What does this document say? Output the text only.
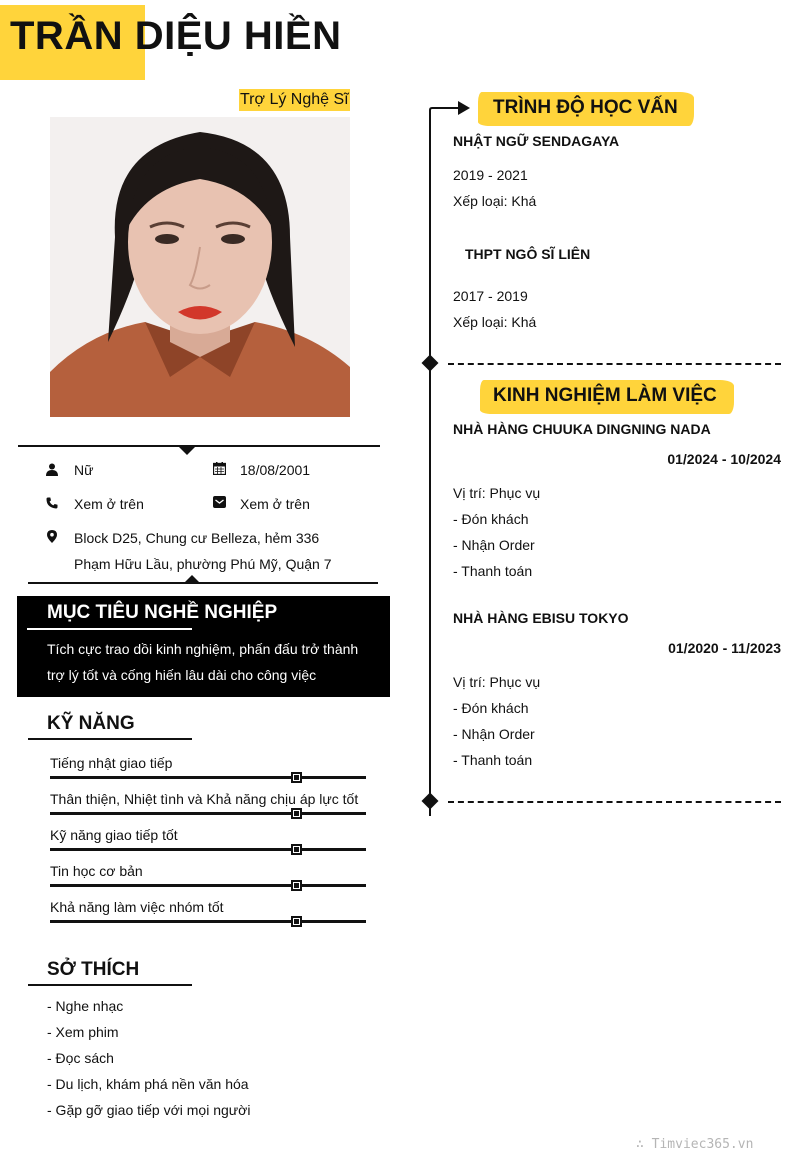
TRẦN DIỆU HIỀN
Trợ Lý Nghệ Sĩ
Nữ	18/08/2001
Xem ở trên	Xem ở trên
Block D25, Chung cư Belleza, hẻm 336
Phạm Hữu Lầu, phường Phú Mỹ, Quận 7
MỤC TIÊU NGHỀ NGHIỆP
Tích cực trao dồi kinh nghiệm, phấn đấu trở thành
trợ lý tốt và cống hiến lâu dài cho công việc
KỸ NĂNG
Tiếng nhật giao tiếp
Thân thiện, Nhiệt tình và Khả năng chịu áp lực tốt
Kỹ năng giao tiếp tốt
Tin học cơ bản
Khả năng làm việc nhóm tốt
SỞ THÍCH
- Nghe nhạc
- Xem phim
- Đọc sách
- Du lịch, khám phá nền văn hóa
- Gặp gỡ giao tiếp với mọi người
TRÌNH ĐỘ HỌC VẤN
NHẬT NGỮ SENDAGAYA
2019 - 2021
Xếp loại: Khá
THPT NGÔ SĨ LIÊN
2017 - 2019
Xếp loại: Khá
KINH NGHIỆM LÀM VIỆC
NHÀ HÀNG CHUUKA DINGNING NADA
01/2024 - 10/2024
Vị trí: Phục vụ
- Đón khách
- Nhận Order
- Thanh toán
NHÀ HÀNG EBISU TOKYO
01/2020 - 11/2023
Vị trí: Phục vụ
- Đón khách
- Nhận Order
- Thanh toán
∴ Timviec365.vn
